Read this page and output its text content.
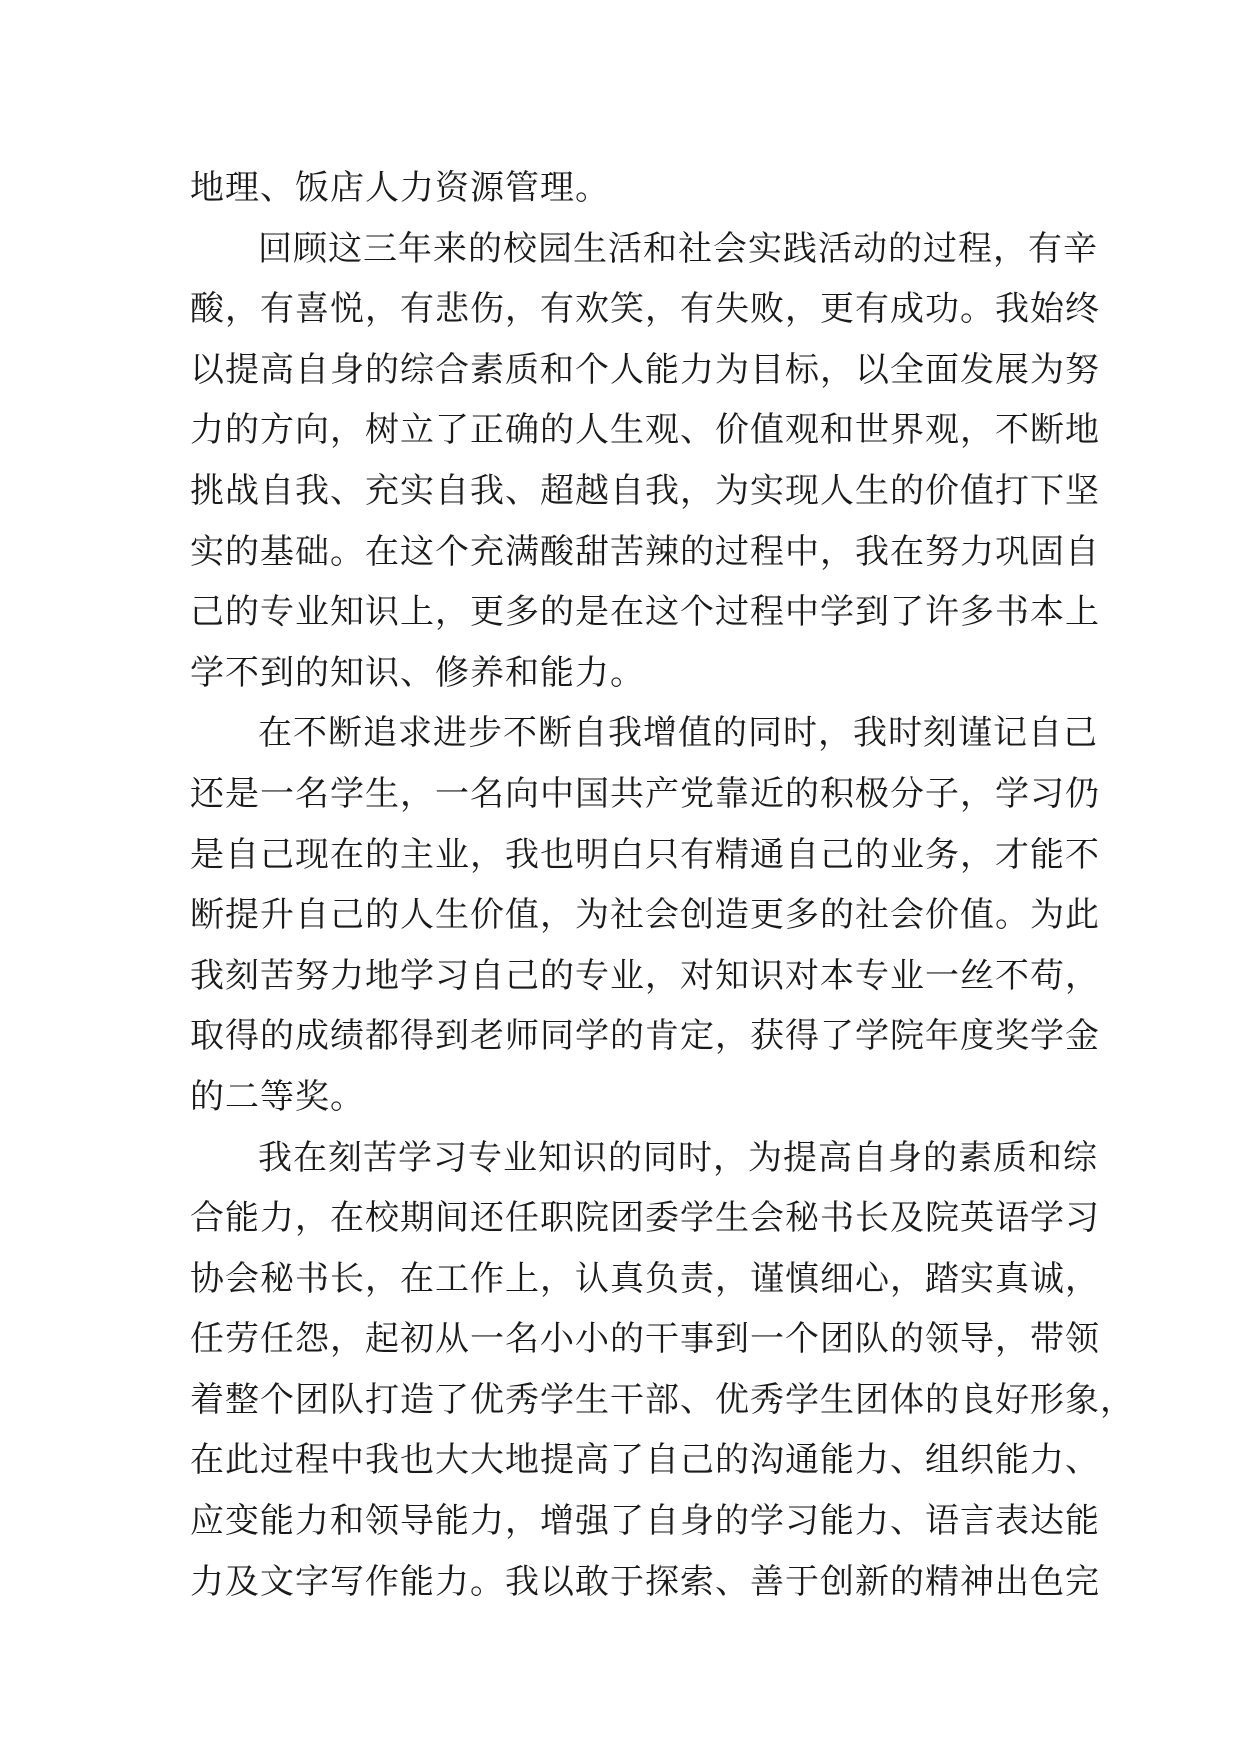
地理、饭店人力资源管理。
回顾这三年来的校园生活和社会实践活动的过程，有辛
酸，有喜悦，有悲伤，有欢笑，有失败，更有成功。我始终
以提高自身的综合素质和个人能力为目标，以全面发展为努
力的方向，树立了正确的人生观、价值观和世界观，不断地
挑战自我、充实自我、超越自我，为实现人生的价值打下坚
实的基础。在这个充满酸甜苦辣的过程中，我在努力巩固自
己的专业知识上，更多的是在这个过程中学到了许多书本上
学不到的知识、修养和能力。
在不断追求进步不断自我增值的同时，我时刻谨记自己
还是一名学生，一名向中国共产党靠近的积极分子，学习仍
是自己现在的主业，我也明白只有精通自己的业务，才能不
断提升自己的人生价值，为社会创造更多的社会价值。为此
我刻苦努力地学习自己的专业，对知识对本专业一丝不苟，
取得的成绩都得到老师同学的肯定，获得了学院年度奖学金
的二等奖。
我在刻苦学习专业知识的同时，为提高自身的素质和综
合能力，在校期间还任职院团委学生会秘书长及院英语学习
协会秘书长，在工作上，认真负责，谨慎细心，踏实真诚，
任劳任怨，起初从一名小小的干事到一个团队的领导，带领
着整个团队打造了优秀学生干部、优秀学生团体的良好形象，
在此过程中我也大大地提高了自己的沟通能力、组织能力、
应变能力和领导能力，增强了自身的学习能力、语言表达能
力及文字写作能力。我以敢于探索、善于创新的精神出色完
